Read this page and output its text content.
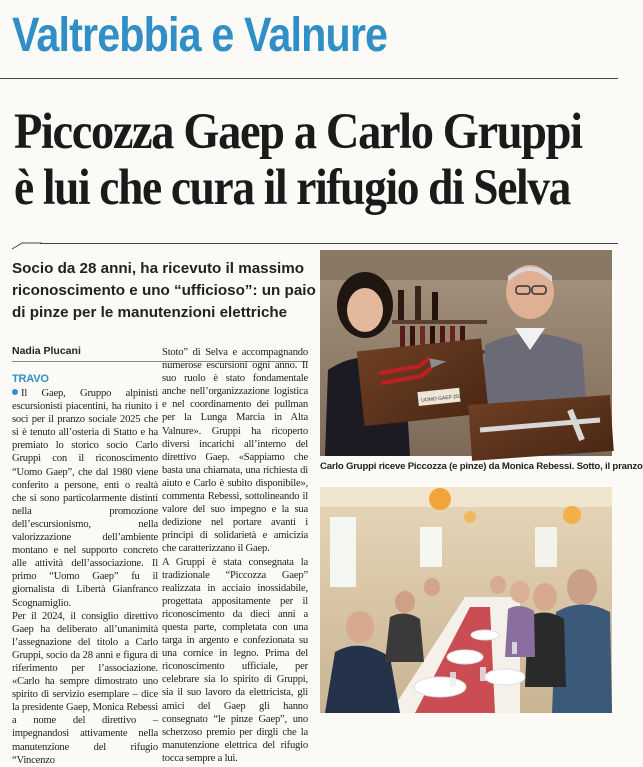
Valtrebbia e Valnure
Piccozza Gaep a Carlo Gruppi
è lui che cura il rifugio di Selva
Socio da 28 anni, ha ricevuto il massimo
riconoscimento e uno “ufficioso”: un paio
di pinze per le manutenzioni elettriche
Nadia Plucani
TRAVO

Il Gaep, Gruppo alpinisti escursionisti piacentini, ha riunito i soci per il pranzo sociale 2025 che si è tenuto all’osteria di Statto e ha premiato lo storico socio Carlo Gruppi con il riconoscimento “Uomo Gaep”, che dal 1980 viene conferito a persone, enti o realtà che si sono particolarmente distinti nella promozione dell’escursionismo, nella valorizzazione dell’ambiente montano e nel supporto concreto alle attività dell’associazione. Il primo “Uomo Gaep” fu il giornalista di Libertà Gianfranco Scognamiglio.

Per il 2024, il consiglio direttivo Gaep ha deliberato all’unanimità l’assegnazione del titolo a Carlo Gruppi, socio da 28 anni e figura di riferimento per l’associazione. «Carlo ha sempre dimostrato uno spirito di servizio esemplare – dice la presidente Gaep, Monica Rebessi a nome del direttivo – impegnandosi attivamente nella manutenzione del rifugio “Vincenzo

Stoto” di Selva e accompagnando numerose escursioni ogni anno. Il suo ruolo è stato fondamentale anche nell’organizzazione logistica e nel coordinamento dei pullman per la Lunga Marcia in Alta Valnure». Gruppi ha ricoperto diversi incarichi all’interno del direttivo Gaep. «Sappiamo che basta una chiamata, una richiesta di aiuto e Carlo è subito disponibile», commenta Rebessi, sottolineando il valore del suo impegno e la sua dedizione nel portare avanti i principi di solidarietà e amicizia che caratterizzano il Gaep.

A Gruppi è stata consegnata la tradizionale “Piccozza Gaep” realizzata in acciaio inossidabile, progettata appositamente per il riconoscimento da dieci anni a questa parte, completata con una targa in argento e confezionata su una cornice in legno. Prima del riconoscimento ufficiale, per celebrare sia lo spirito di Gruppi, sia il suo lavoro da elettricista, gli amici del Gaep gli hanno consegnato “le pinze Gaep”, uno scherzoso premio per dirgli che la manutenzione elettrica del rifugio tocca sempre a lui.

UOMO GAEP 2024
Carlo Gruppi riceve Piccozza (e pinze) da Monica Rebessi. Sotto, il pranzo
